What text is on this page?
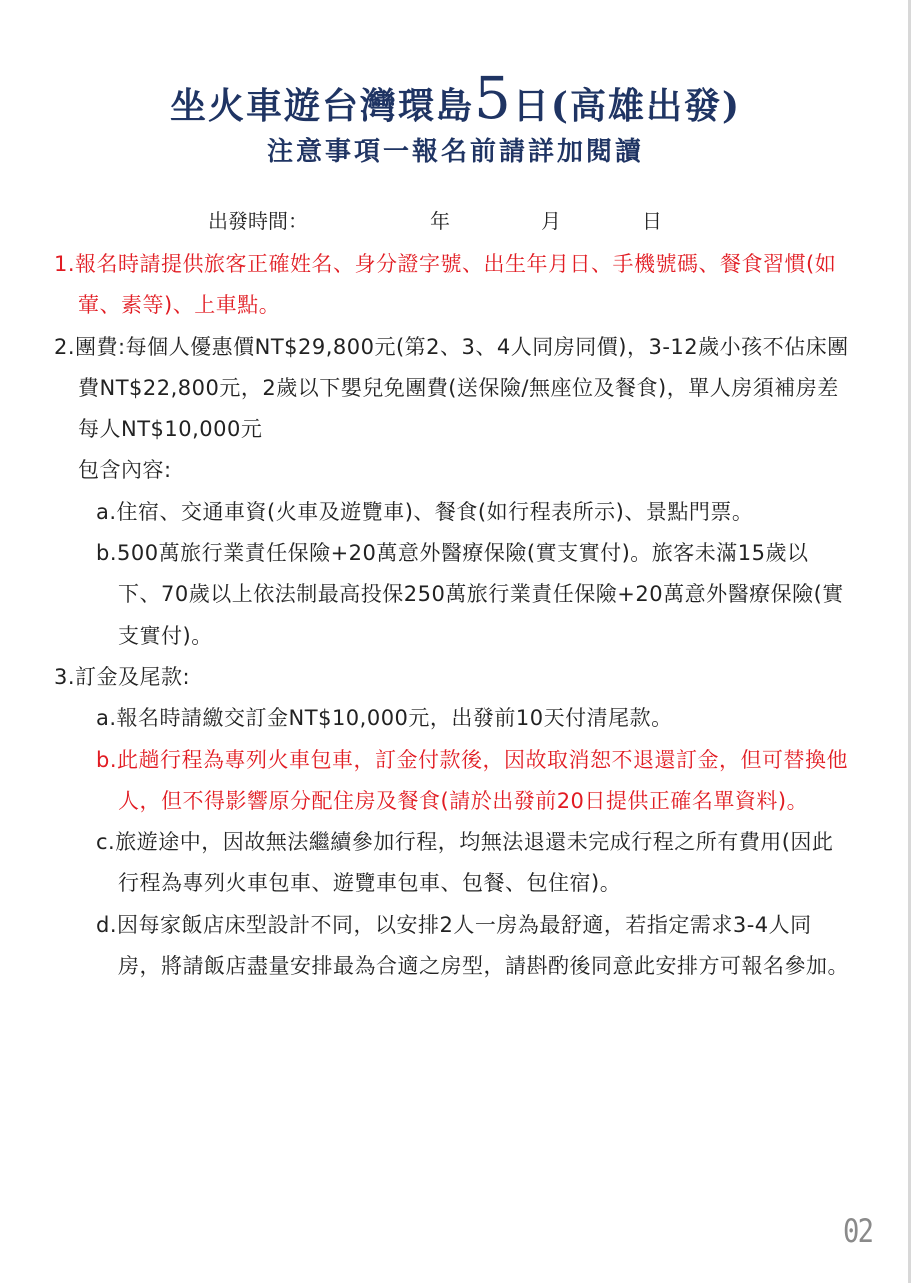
坐火車遊台灣環島5日(高雄出發)
注意事項一報名前請詳加閱讀
出發時間：	年	月	日

1.報名時請提供旅客正確姓名、身分證字號、出生年月日、手機號碼、餐食習慣(如葷、素等)、上車點。

2.團費:每個人優惠價NT$29,800元(第2、3、4人同房同價)，3-12歲小孩不佔床團費NT$22,800元，2歲以下嬰兒免團費(送保險/無座位及餐食)，單人房須補房差每人NT$10,000元

包含內容:

a.住宿、交通車資(火車及遊覽車)、餐食(如行程表所示)、景點門票。

b.500萬旅行業責任保險+20萬意外醫療保險(實支實付)。旅客未滿15歲以下、70歲以上依法制最高投保250萬旅行業責任保險+20萬意外醫療保險(實支實付)。

3.訂金及尾款:

a.報名時請繳交訂金NT$10,000元，出發前10天付清尾款。

b.此趟行程為專列火車包車，訂金付款後，因故取消恕不退還訂金，但可替換他人，但不得影響原分配住房及餐食(請於出發前20日提供正確名單資料)。

c.旅遊途中，因故無法繼續參加行程，均無法退還未完成行程之所有費用(因此行程為專列火車包車、遊覽車包車、包餐、包住宿)。

d.因每家飯店床型設計不同，以安排2人一房為最舒適，若指定需求3-4人同房，將請飯店盡量安排最為合適之房型，請斟酌後同意此安排方可報名參加。

02
